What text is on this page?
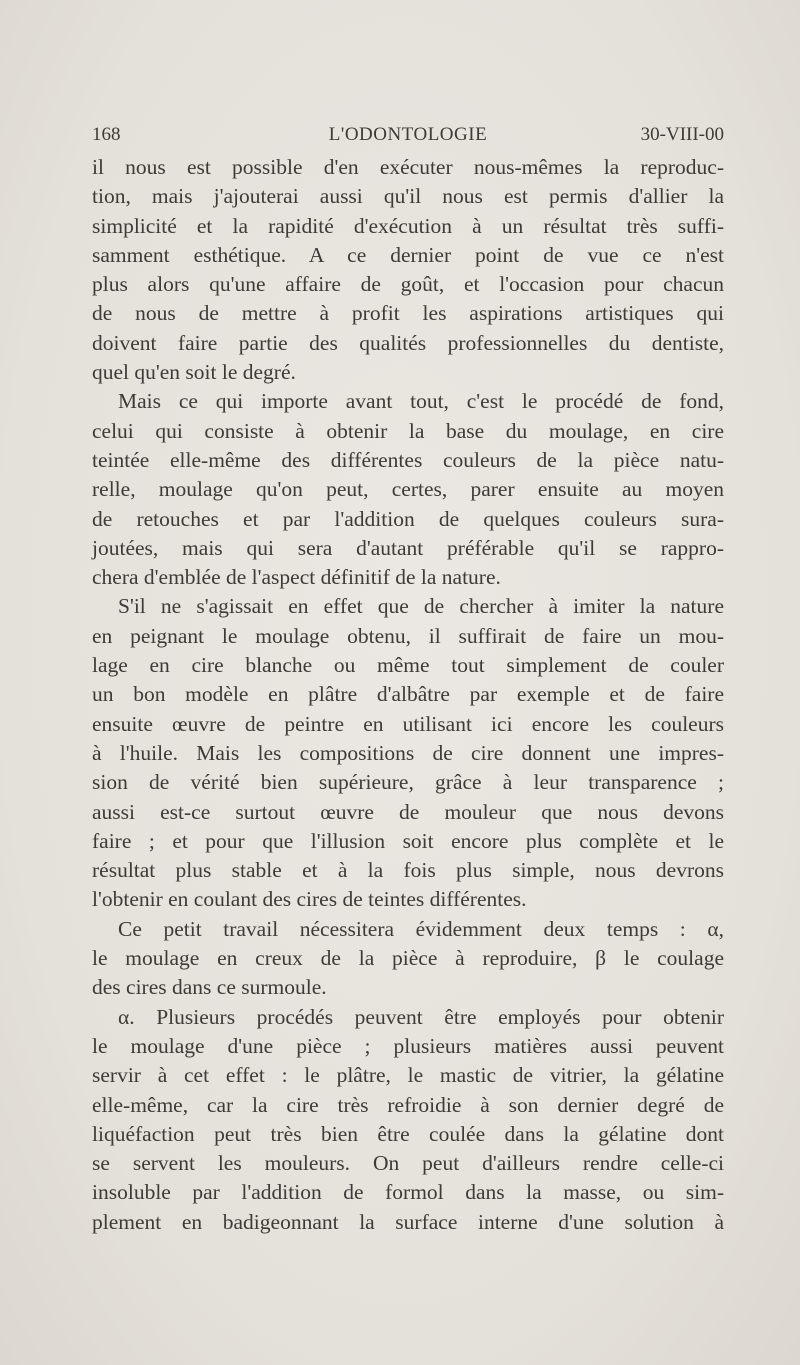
168	L'ODONTOLOGIE	30-VIII-00
il nous est possible d'en exécuter nous-mêmes la reproduc-
tion, mais j'ajouterai aussi qu'il nous est permis d'allier la
simplicité et la rapidité d'exécution à un résultat très suffi-
samment esthétique. A ce dernier point de vue ce n'est
plus alors qu'une affaire de goût, et l'occasion pour chacun
de nous de mettre à profit les aspirations artistiques qui
doivent faire partie des qualités professionnelles du dentiste,
quel qu'en soit le degré.
Mais ce qui importe avant tout, c'est le procédé de fond,
celui qui consiste à obtenir la base du moulage, en cire
teintée elle-même des différentes couleurs de la pièce natu-
relle, moulage qu'on peut, certes, parer ensuite au moyen
de retouches et par l'addition de quelques couleurs sura-
joutées, mais qui sera d'autant préférable qu'il se rappro-
chera d'emblée de l'aspect définitif de la nature.
S'il ne s'agissait en effet que de chercher à imiter la nature
en peignant le moulage obtenu, il suffirait de faire un mou-
lage en cire blanche ou même tout simplement de couler
un bon modèle en plâtre d'albâtre par exemple et de faire
ensuite œuvre de peintre en utilisant ici encore les couleurs
à l'huile. Mais les compositions de cire donnent une impres-
sion de vérité bien supérieure, grâce à leur transparence ;
aussi est-ce surtout œuvre de mouleur que nous devons
faire ; et pour que l'illusion soit encore plus complète et le
résultat plus stable et à la fois plus simple, nous devrons
l'obtenir en coulant des cires de teintes différentes.
Ce petit travail nécessitera évidemment deux temps : α,
le moulage en creux de la pièce à reproduire, β le coulage
des cires dans ce surmoule.
α. Plusieurs procédés peuvent être employés pour obtenir
le moulage d'une pièce ; plusieurs matières aussi peuvent
servir à cet effet : le plâtre, le mastic de vitrier, la gélatine
elle-même, car la cire très refroidie à son dernier degré de
liquéfaction peut très bien être coulée dans la gélatine dont
se servent les mouleurs. On peut d'ailleurs rendre celle-ci
insoluble par l'addition de formol dans la masse, ou sim-
plement en badigeonnant la surface interne d'une solution à
